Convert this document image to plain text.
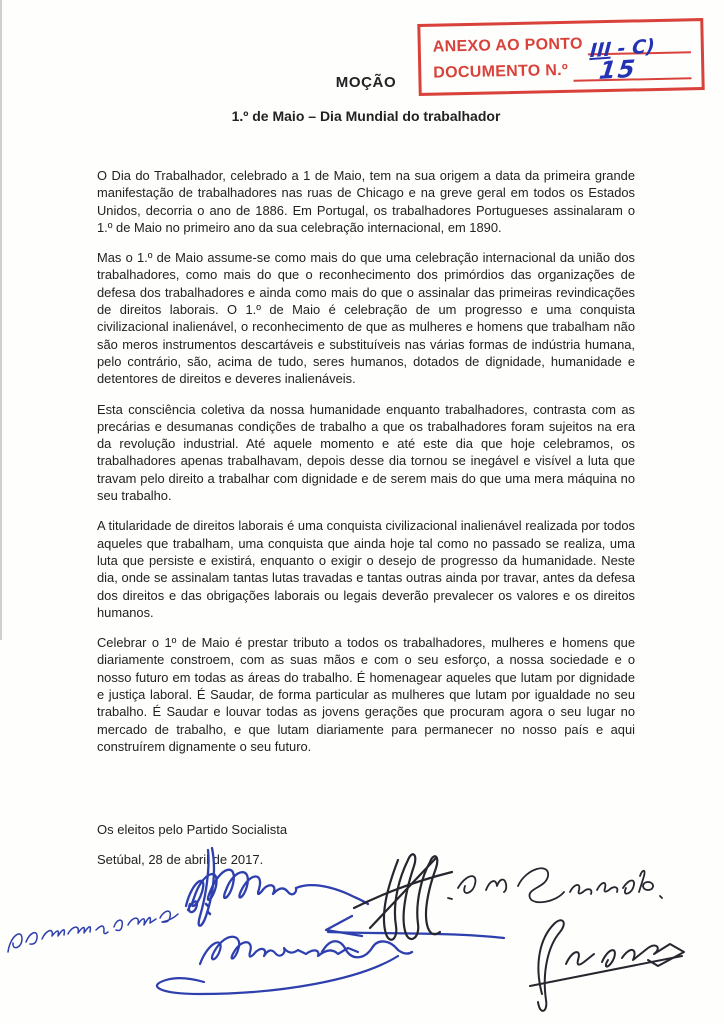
ANEXO AO PONTO III - C)
DOCUMENTO N.º 15
MOÇÃO
1.º de Maio – Dia Mundial do trabalhador

O Dia do Trabalhador, celebrado a 1 de Maio, tem na sua origem a data da primeira grande manifestação de trabalhadores nas ruas de Chicago e na greve geral em todos os Estados Unidos, decorria o ano de 1886. Em Portugal, os trabalhadores Portugueses assinalaram o 1.º de Maio no primeiro ano da sua celebração internacional, em 1890.

Mas o 1.º de Maio assume-se como mais do que uma celebração internacional da união dos trabalhadores, como mais do que o reconhecimento dos primórdios das organizações de defesa dos trabalhadores e ainda como mais do que o assinalar das primeiras revindicações de direitos laborais. O 1.º de Maio é celebração de um progresso e uma conquista civilizacional inalienável, o reconhecimento de que as mulheres e homens que trabalham não são meros instrumentos descartáveis e substituíveis nas várias formas de indústria humana, pelo contrário, são, acima de tudo, seres humanos, dotados de dignidade, humanidade e detentores de direitos e deveres inalienáveis.

Esta consciência coletiva da nossa humanidade enquanto trabalhadores, contrasta com as precárias e desumanas condições de trabalho a que os trabalhadores foram sujeitos na era da revolução industrial. Até aquele momento e até este dia que hoje celebramos, os trabalhadores apenas trabalhavam, depois desse dia tornou se inegável e visível a luta que travam pelo direito a trabalhar com dignidade e de serem mais do que uma mera máquina no seu trabalho.

A titularidade de direitos laborais é uma conquista civilizacional inalienável realizada por todos aqueles que trabalham, uma conquista que ainda hoje tal como no passado se realiza, uma luta que persiste e existirá, enquanto o exigir o desejo de progresso da humanidade. Neste dia, onde se assinalam tantas lutas travadas e tantas outras ainda por travar, antes da defesa dos direitos e das obrigações laborais ou legais deverão prevalecer os valores e os direitos humanos.

Celebrar o 1º de Maio é prestar tributo a todos os trabalhadores, mulheres e homens que diariamente constroem, com as suas mãos e com o seu esforço, a nossa sociedade e o nosso futuro em todas as áreas do trabalho. É homenagear aqueles que lutam por dignidade e justiça laboral. É Saudar, de forma particular as mulheres que lutam por igualdade no seu trabalho. É Saudar e louvar todas as jovens gerações que procuram agora o seu lugar no mercado de trabalho, e que lutam diariamente para permanecer no nosso país e aqui construírem dignamente o seu futuro.

Os eleitos pelo Partido Socialista
Setúbal, 28 de abril de 2017.
